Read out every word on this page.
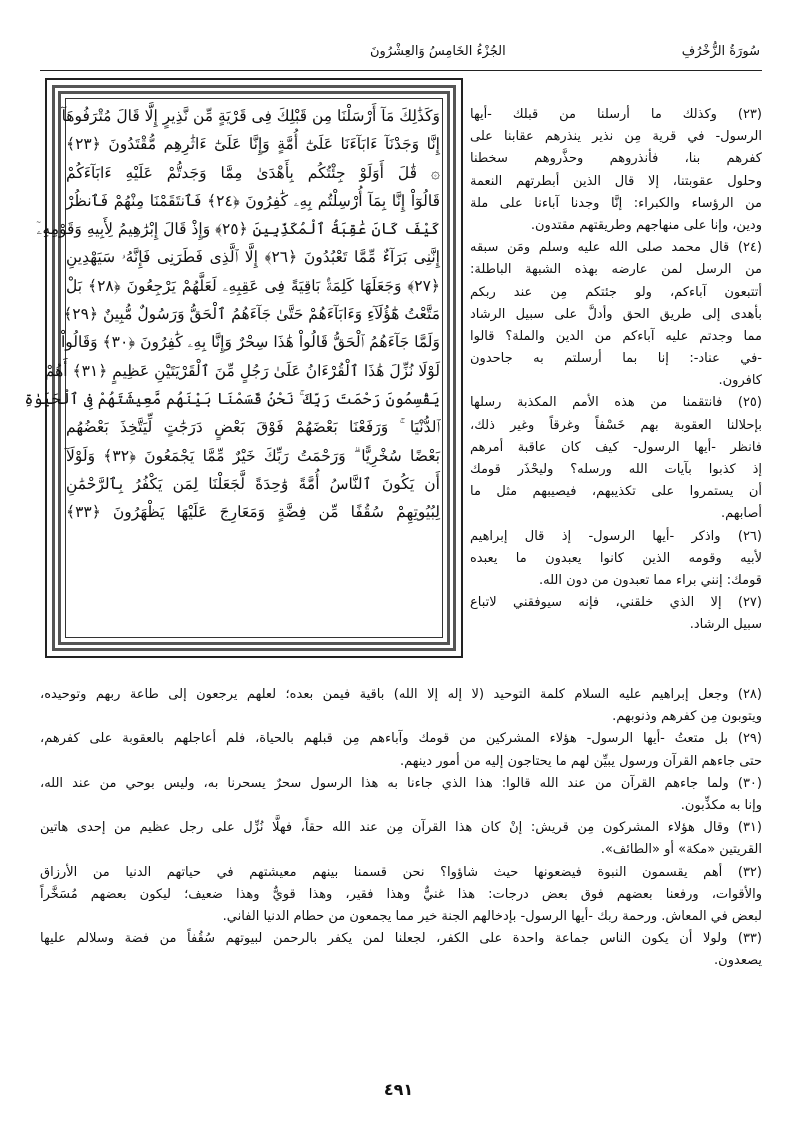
سُورَةُ الزُّخْرُفِ
الجُزْءُ الخَامِسُ وَالعِشْرُونَ
وَكَذَٰلِكَ مَآ أَرْسَلْنَا مِن قَبْلِكَ فِى قَرْيَةٍ مِّن نَّذِيرٍ إِلَّا قَالَ مُتْرَفُوهَآ
إِنَّا وَجَدْنَآ ءَابَآءَنَا عَلَىٰٓ أُمَّةٍ وَإِنَّا عَلَىٰٓ ءَاثَٰرِهِم مُّقْتَدُونَ ﴿٢٣﴾
۞ قَٰلَ أَوَلَوْ جِئْتُكُم بِأَهْدَىٰ مِمَّا وَجَدتُّمْ عَلَيْهِ ءَابَآءَكُمْ
قَالُوٓاْ إِنَّا بِمَآ أُرْسِلْتُم بِهِۦ كَٰفِرُونَ ﴿٢٤﴾ فَٱنتَقَمْنَا مِنْهُمْ فَٱنظُرْ
كَيْفَ كَانَ عَٰقِبَةُ ٱلْمُكَذِّبِينَ ﴿٢٥﴾ وَإِذْ قَالَ إِبْرَٰهِيمُ لِأَبِيهِ وَقَوْمِهِۦٓ
إِنَّنِى بَرَآءٌ مِّمَّا تَعْبُدُونَ ﴿٢٦﴾ إِلَّا ٱلَّذِى فَطَرَنِى فَإِنَّهُۥ سَيَهْدِينِ
﴿٢٧﴾ وَجَعَلَهَا كَلِمَةًۢ بَاقِيَةً فِى عَقِبِهِۦ لَعَلَّهُمْ يَرْجِعُونَ ﴿٢٨﴾ بَلْ
مَتَّعْتُ هَٰٓؤُلَآءِ وَءَابَآءَهُمْ حَتَّىٰ جَآءَهُمُ ٱلْحَقُّ وَرَسُولٌ مُّبِينٌ ﴿٢٩﴾
وَلَمَّا جَآءَهُمُ ٱلْحَقُّ قَالُواْ هَٰذَا سِحْرٌ وَإِنَّا بِهِۦ كَٰفِرُونَ ﴿٣٠﴾ وَقَالُواْ
لَوْلَا نُزِّلَ هَٰذَا ٱلْقُرْءَانُ عَلَىٰ رَجُلٍ مِّنَ ٱلْقَرْيَتَيْنِ عَظِيمٍ ﴿٣١﴾ أَهُمْ
يَقْسِمُونَ رَحْمَتَ رَبِّكَ ۚ نَحْنُ قَسَمْنَا بَيْنَهُم مَّعِيشَتَهُمْ فِى ٱلْحَيَوٰةِ
ٱلدُّنْيَا ۚ وَرَفَعْنَا بَعْضَهُمْ فَوْقَ بَعْضٍ دَرَجَٰتٍ لِّيَتَّخِذَ بَعْضُهُم
بَعْضًا سُخْرِيًّا ۗ وَرَحْمَتُ رَبِّكَ خَيْرٌ مِّمَّا يَجْمَعُونَ ﴿٣٢﴾ وَلَوْلَآ
أَن يَكُونَ ٱلنَّاسُ أُمَّةً وَٰحِدَةً لَّجَعَلْنَا لِمَن يَكْفُرُ بِٱلرَّحْمَٰنِ
لِبُيُوتِهِمْ سُقُفًا مِّن فِضَّةٍ وَمَعَارِجَ عَلَيْهَا يَظْهَرُونَ ﴿٣٣﴾
(٢٣) وكذلك ما أرسلنا من قبلك -أيها
الرسول- في قرية مِن نذير ينذرهم عقابنا على
كفرهم بنا، فأنذروهم وحذَّروهم سخطنا
وحلول عقوبتنا، إلا قال الذين أبطرتهم النعمة
من الرؤساء والكبراء: إنَّا وجدنا آباءنا على ملة
ودين، وإنا على منهاجهم وطريقتهم مقتدون.
(٢٤) قال محمد صلى الله عليه وسلم ومَن سبقه
من الرسل لمن عارضه بهذه الشبهة الباطلة:
أتتبعون آباءكم، ولو جئتكم مِن عند ربكم
بأهدى إلى طريق الحق وأدلَّ على سبيل الرشاد
مما وجدتم عليه آباءكم من الدين والملة؟ قالوا
-في عناد-: إنا بما أرسلتم به جاحدون
كافرون.
(٢٥) فانتقمنا من هذه الأمم المكذبة رسلها
بإحلالنا العقوبة بهم خَسْفاً وغرقاً وغير ذلك،
فانظر -أيها الرسول- كيف كان عاقبة أمرهم
إذ كذبوا بآيات الله ورسله؟ وليحْذَر قومك
أن يستمروا على تكذيبهم، فيصيبهم مثل ما
أصابهم.
(٢٦) واذكر -أيها الرسول- إذ قال إبراهيم
لأبيه وقومه الذين كانوا يعبدون ما يعبده
قومك: إنني براء مما تعبدون من دون الله.
(٢٧) إلا الذي خلقني، فإنه سيوفقني لاتباع
سبيل الرشاد.
(٢٨) وجعل إبراهيم عليه السلام كلمة التوحيد (لا إله إلا الله) باقية فيمن بعده؛ لعلهم يرجعون إلى طاعة ربهم وتوحيده،
ويتوبون مِن كفرهم وذنوبهم.
(٢٩) بل متعتُ -أيها الرسول- هؤلاء المشركين من قومك وآباءهم مِن قبلهم بالحياة، فلم أعاجلهم بالعقوبة على كفرهم،
حتى جاءهم القرآن ورسول يبيِّن لهم ما يحتاجون إليه من أمور دينهم.
(٣٠) ولما جاءهم القرآن من عند الله قالوا: هذا الذي جاءنا به هذا الرسول سحرٌ يسحرنا به، وليس بوحي من عند الله،
وإنا به مكذِّبون.
(٣١) وقال هؤلاء المشركون مِن قريش: إنْ كان هذا القرآن مِن عند الله حقاً، فهلَّا نُزِّل على رجل عظيم من إحدى هاتين
القريتين «مكة» أو «الطائف».
(٣٢) أهم يقسمون النبوة فيضعونها حيث شاؤوا؟ نحن قسمنا بينهم معيشتهم في حياتهم الدنيا من الأرزاق
والأقوات، ورفعنا بعضهم فوق بعض درجات: هذا غنيٌّ وهذا فقير، وهذا قويٌّ وهذا ضعيف؛ ليكون بعضهم مُسَخَّراً
لبعض في المعاش. ورحمة ربك -أيها الرسول- بإدخالهم الجنة خير مما يجمعون من حطام الدنيا الفاني.
(٣٣) ولولا أن يكون الناس جماعة واحدة على الكفر، لجعلنا لمن يكفر بالرحمن لبيوتهم سُقُفاً من فضة وسلالم عليها
يصعدون.
٤٩١
